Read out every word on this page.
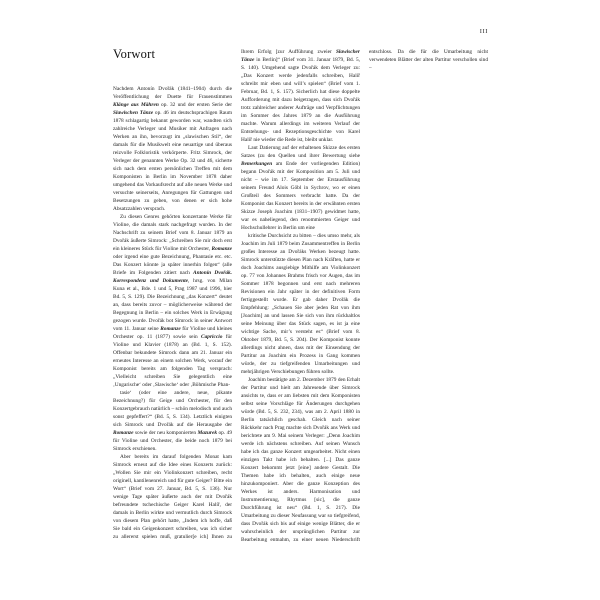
III
Vorwort

Nachdem Antonín Dvořák (1841–1904) durch die Veröffentlichung der Duette für Frauenstimmen Klänge aus Mähren op. 32 und der ersten Serie der Slawischen Tänze op. 46 im deutschsprachigen Raum 1878 schlagartig bekannt geworden war, wandten sich zahlreiche Verleger und Musiker mit Anfragen nach Werken an ihn, bevorzugt im „slawischen Stil“, der damals für die Musikwelt eine neuartige und überaus reizvolle Folkloristik verkörperte. Fritz Simrock, der Verleger der genannten Werke Op. 32 und 46, sicherte sich nach dem ersten persönlichen Treffen mit dem Komponisten in Berlin im November 1878 daher umgehend das Vorkaufsrecht auf alle neuen Werke und versuchte seinerseits, Anregungen für Gattungen und Besetzungen zu geben, von denen er sich hohe Absatzzahlen versprach.

Zu diesen Genres gehörten konzertante Werke für Violine, die damals stark nachgefragt wurden. In der Nachschrift zu seinem Brief vom 8. Januar 1879 an Dvořák äußerte Simrock: „Schreiben Sie mir doch erst ein kleineres Stück für Violine mit Orchester, Romanze oder irgend eine gute Bezeichnung, Phantasie etc. etc. Das Konzert könnte ja später innerhin folgen“ (alle Briefe im Folgenden zitiert nach Antonín Dvořák. Korrespondenz und Dokumente, hrsg. von Milan Kuna et al., Bde. 1 und 5, Prag 1987 und 1996, hier Bd. 5, S. 129). Die Bezeichnung „das Konzert“ deutet an, dass bereits zuvor – möglicherweise während der Begegnung in Berlin – ein solches Werk in Erwägung gezogen wurde. Dvořák bot Simrock in seiner Antwort vom 11. Januar seine Romanze für Violine und kleines Orchester op. 11 (1877) sowie sein Capriccio für Violine und Klavier (1878) an (Bd. 1, S. 152). Offenbar bekundete Simrock dann am 21. Januar ein erneutes Interesse an einem solchen Werk, worauf der Komponist bereits am folgenden Tag versprach: „Vielleicht schreiben Sie gelegentlich eine ‚Ungarische‘ oder ‚Slawische‘ oder ‚Böhmische Phan-

tasie‘ (oder eine andere, neue, pikante Bezeichnung?) für Geige und Orchester, für den Konzertgebrauch natürlich – schön melodisch und auch sonst gepfeffert?“ (Bd. 5, S. 134). Letztlich einigten sich Simrock und Dvořák auf die Herausgabe der Romanze sowie der neu komponierten Mazurek op. 49 für Violine und Orchester, die beide noch 1879 bei Simrock erschienen.

Aber bereits im darauf folgenden Monat kam Simrock erneut auf die Idee eines Konzerts zurück: „Wollen Sie mir ein Violinkonzert schreiben, recht originell, kantilenenreich und für gute Geiger? Bitte ein Wort“ (Brief vom 27. Januar, Bd. 5, S. 136). Nur wenige Tage später äußerte auch der mit Dvořák befreundete tschechische Geiger Karel Halíř, der damals in Berlin wirkte und vermutlich durch Simrock von diesem Plan gehört hatte, „Indem ich hoffe, daß Sie bald ein Geigenkonzert schreiben, was ich sicher zu allererst spielen muß, gratulier[e ich] Ihnen zu Ihrem Erfolg [zur Aufführung zweier Slawischer Tänze in Berlin]“ (Brief vom 31. Januar 1879, Bd. 5, S. 140). Umgehend sagte Dvořák dem Verleger zu: „Das Konzert werde jedenfalls schreiben, Halíř schreibt mir eben und will’s spielen“ (Brief vom 1. Februar, Bd. 1, S. 157). Sicherlich hat diese doppelte Aufforderung mit dazu beigetragen, dass sich Dvořák trotz zahlreicher anderer Aufträge und Verpflichtungen im Sommer des Jahres 1879 an die Ausführung machte. Warum allerdings im weiteren Verlauf der Entstehungs- und Rezeptionsgeschichte von Karel Halíř nie wieder die Rede ist, bleibt unklar.

Laut Datierung auf der erhaltenen Skizze des ersten Satzes (zu den Quellen und ihrer Bewertung siehe Bemerkungen am Ende der vorliegenden Edition) begann Dvořák mit der Komposition am 5. Juli und nicht – wie im 17. September der Erstausführung seinem Freund Alois Göbl in Sychrov, wo er einen Großteil des Sommers verbracht hatte. Da der Komponist das Konzert bereits in der erwähnten ersten Skizze Joseph Joachim (1831–1907) gewidmet hatte, war es naheliegend, den renommierten Geiger und Hochschullehrer in Berlin um eine

kritische Durchsicht zu bitten – dies umso mehr, als Joachim im Juli 1879 beim Zusammentreffen in Berlin großes Interesse an Dvořáks Werken bezeugt hatte. Simrock unterstützte diesen Plan nach Kräften, hatte er doch Joachims ausgiebige Mithilfe am Violinkonzert op. 77 von Johannes Brahms frisch vor Augen, das im Sommer 1878 begonnen und erst nach mehreren Revisionen ein Jahr später in der definitiven Form fertiggestellt wurde. Er gab daher Dvořák die Empfehlung: „Schauen Sie aber jeden Rat von ihm [Joachim] an und lassen Sie sich von ihm rückhaltlos seine Meinung über das Stück sagen, es ist ja eine wichtige Sache, mir’s versteht es“ (Brief vom 8. Oktober 1879, Bd. 5, S. 204). Der Komponist konnte allerdings nicht ahnen, dass mit der Einsendung der Partitur an Joachim ein Prozess in Gang kommen würde, der zu tiefgreifenden Umarbeitungen und mehrjährigen Verschiebungen führen sollte.

Joachim bestätigte am 2. Dezember 1879 den Erhalt der Partitur und hielt am Jahresende über Simrock ansichts te, dass er am liebsten mit dem Komponisten selbst seine Vorschläge für Änderungen durchgehen würde (Bd. 5, S. 232, 234), was am 2. April 1880 in Berlin tatsächlich geschah. Gleich nach seiner Rückkehr nach Prag machte sich Dvořák ans Werk und berichtete am 9. Mai seinem Verleger: „Denn Joachim werde ich nächstens schreiben. Auf seinen Wunsch habe ich das ganze Konzert umgearbeitet. Nicht einen einzigen Takt habe ich behalten. [...] Das ganze Konzert bekommt jetzt [eine] andere Gestalt. Die Themen habe ich behalten, auch einige neue hinzukomponiert. Aber die ganze Konzeption des Werkes ist anders. Harmonisation und Instrumentierung, Rhytmus [sic], die ganze Durchführung ist neu“ (Bd. 1, S. 217). Die Umarbeitung zu dieser Neufassung war so tiefgreifend, dass Dvořák sich bis auf einige wenige Blätter, die er wahrscheinlich der ursprünglichen Partitur zur Bearbeitung entnahm, zu einer neuen Niederschrift entschloss. Da die für die Umarbeitung nicht verwendeten Blätter der alten Partitur verschollen sind –
